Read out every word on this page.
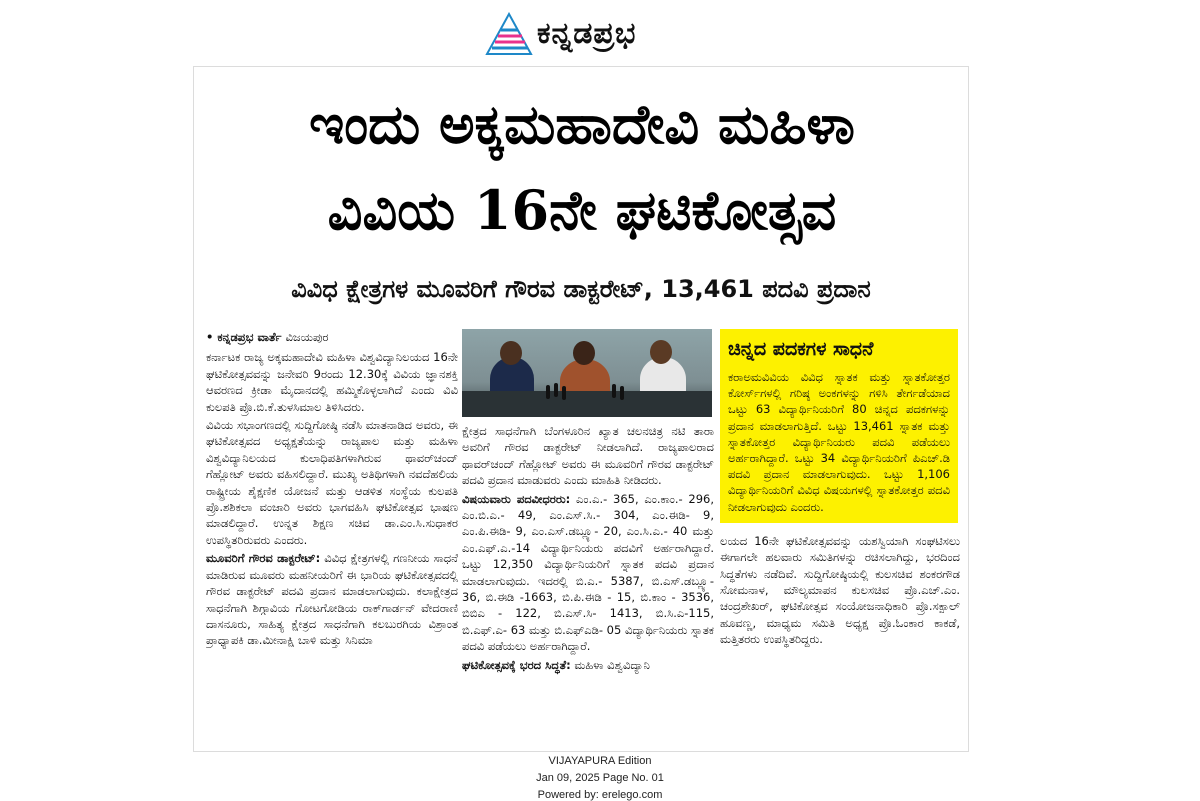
ಇಂದು ಅಕ್ಕಮಹಾದೇವಿ ಮಹಿಳಾ
ವಿವಿಯ 16ನೇ ಘಟಿಕೋತ್ಸವ
ವಿವಿಧ ಕ್ಷೇತ್ರಗಳ ಮೂವರಿಗೆ ಗೌರವ ಡಾಕ್ಟರೇಟ್, 13,461 ಪದವಿ ಪ್ರದಾನ
• ಕನ್ನಡಪ್ರಭ ವಾರ್ತೆ ವಿಜಯಪುರ

ಕರ್ನಾಟಕ ರಾಜ್ಯ ಅಕ್ಕಮಹಾದೇವಿ ಮಹಿಳಾ ವಿಶ್ವವಿದ್ಯಾನಿಲಯದ 16ನೇ ಘಟಿಕೋತ್ಸವವನ್ನು ಜನೇವರಿ 9ರಂದು 12.30ಕ್ಕೆ ವಿವಿಯ ಜ್ಞಾನಶಕ್ತಿ ಆವರಣದ ಕ್ರೀಡಾ ಮೈದಾನದಲ್ಲಿ ಹಮ್ಮಿಕೊಳ್ಳಲಾಗಿದೆ ಎಂದು ವಿವಿ ಕುಲಪತಿ ಪ್ರೊ.ಬಿ.ಕೆ.ತುಳಸಿಮಾಲ ತಿಳಿಸಿದರು.

ವಿವಿಯ ಸಭಾಂಗಣದಲ್ಲಿ ಸುದ್ದಿಗೋಷ್ಠಿ ನಡೆಸಿ ಮಾತನಾಡಿದ ಅವರು, ಈ ಘಟಿಕೋತ್ಸವದ ಅಧ್ಯಕ್ಷತೆಯನ್ನು ರಾಜ್ಯಪಾಲ ಮತ್ತು ಮಹಿಳಾ ವಿಶ್ವವಿದ್ಯಾನಿಲಯದ ಕುಲಾಧಿಪತಿಗಳಾಗಿರುವ ಥಾವರ್‌ಚಂದ್ ಗೆಹ್ಲೋಟ್ ಅವರು ವಹಿಸಲಿದ್ದಾರೆ. ಮುಖ್ಯ ಅತಿಥಿಗಳಾಗಿ ನವದೆಹಲಿಯ ರಾಷ್ಟ್ರೀಯ ಶೈಕ್ಷಣಿಕ ಯೋಜನೆ ಮತ್ತು ಆಡಳಿತ ಸಂಸ್ಥೆಯ ಕುಲಪತಿ ಪ್ರೊ.ಶಶಿಕಲಾ ವಂಜಾರಿ ಅವರು ಭಾಗವಹಿಸಿ ಘಟಿಕೋತ್ಸವ ಭಾಷಣ ಮಾಡಲಿದ್ದಾರೆ. ಉನ್ನತ ಶಿಕ್ಷಣ ಸಚಿವ ಡಾ.ಎಂ.ಸಿ.ಸುಧಾಕರ ಉಪಸ್ಥಿತರಿರುವರು ಎಂದರು.

ಮೂವರಿಗೆ ಗೌರವ ಡಾಕ್ಟರೇಟ್: ವಿವಿಧ ಕ್ಷೇತ್ರಗಳಲ್ಲಿ ಗಣನೀಯ ಸಾಧನೆ ಮಾಡಿರುವ ಮೂವರು ಮಹನೀಯರಿಗೆ ಈ ಭಾರಿಯ ಘಟಿಕೋತ್ಸವದಲ್ಲಿ ಗೌರವ ಡಾಕ್ಟರೇಟ್ ಪದವಿ ಪ್ರದಾನ ಮಾಡಲಾಗುವುದು. ಕಲಾಕ್ಷೇತ್ರದ ಸಾಧನೆಗಾಗಿ ಶಿಗ್ಗಾವಿಯ ಗೋಟಗೋಡಿಯ ರಾಕ್‌ಗಾರ್ಡನ್ ವೇದರಾಣಿ ದಾಸನೂರು, ಸಾಹಿತ್ಯ ಕ್ಷೇತ್ರದ ಸಾಧನೆಗಾಗಿ ಕಲಬುರಗಿಯ ವಿಶ್ರಾಂತ ಪ್ರಾಧ್ಯಾಪಕಿ ಡಾ.ಮೀನಾಕ್ಷಿ ಬಾಳಿ ಮತ್ತು ಸಿನಿಮಾ

ಕ್ಷೇತ್ರದ ಸಾಧನೆಗಾಗಿ ಬೆಂಗಳೂರಿನ ಖ್ಯಾತ ಚಲನಚಿತ್ರ ನಟಿ ತಾರಾ ಅವರಿಗೆ ಗೌರವ ಡಾಕ್ಟರೇಟ್ ನೀಡಲಾಗಿದೆ. ರಾಜ್ಯಪಾಲರಾದ ಥಾವರ್‌ಚಂದ್ ಗೆಹ್ಲೋಟ್ ಅವರು ಈ ಮೂವರಿಗೆ ಗೌರವ ಡಾಕ್ಟರೇಟ್ ಪದವಿ ಪ್ರದಾನ ಮಾಡುವರು ಎಂದು ಮಾಹಿತಿ ನೀಡಿದರು.

ವಿಷಯವಾರು ಪದವೀಧರರು: ಎಂ.ಎ.- 365, ಎಂ.ಕಾಂ.- 296, ಎಂ.ಬಿ.ಎ.- 49, ಎಂ.ಎಸ್.ಸಿ.- 304, ಎಂ.ಈಡಿ- 9, ಎಂ.ಪಿ.ಈಡಿ- 9, ಎಂ.ಎಸ್.ಡಬ್ಲ್ಯೂ- 20, ಎಂ.ಸಿ.ಎ.- 40 ಮತ್ತು ಎಂ.ಎಫ್.ಎ.-14 ವಿದ್ಯಾರ್ಥಿನಿಯರು ಪದವಿಗೆ ಅರ್ಹರಾಗಿದ್ದಾರೆ. ಒಟ್ಟು 12,350 ವಿದ್ಯಾರ್ಥಿನಿಯರಿಗೆ ಸ್ನಾತಕ ಪದವಿ ಪ್ರದಾನ ಮಾಡಲಾಗುವುದು. ಇದರಲ್ಲಿ ಬಿ.ಎ.- 5387, ಬಿ.ಎಸ್.ಡಬ್ಲ್ಯೂ- 36, ಬಿ.ಈಡಿ -1663, ಬಿ.ಪಿ.ಈಡಿ - 15, ಬಿ.ಕಾಂ - 3536, ಬಿಬಿಎ - 122, ಬಿ.ಎಸ್.ಸಿ- 1413, ಬಿ.ಸಿ.ಎ-115, ಬಿ.ಎಫ್.ಎ- 63 ಮತ್ತು ಬಿ.ಎಫ್‌ಎಡಿ- 05 ವಿದ್ಯಾರ್ಥಿನಿಯರು ಸ್ನಾತಕ ಪದವಿ ಪಡೆಯಲು ಅರ್ಹರಾಗಿದ್ದಾರೆ.

ಘಟಿಕೋತ್ಸವಕ್ಕೆ ಭರದ ಸಿದ್ಧತೆ: ಮಹಿಳಾ ವಿಶ್ವವಿದ್ಯಾನಿ

ಚಿನ್ನದ ಪದಕಗಳ ಸಾಧನೆ

ಕರಾಅಮವಿವಿಯ ವಿವಿಧ ಸ್ನಾತಕ ಮತ್ತು ಸ್ನಾತಕೋತ್ತರ ಕೋರ್ಸ್‌ಗಳಲ್ಲಿ ಗರಿಷ್ಠ ಅಂಕಗಳನ್ನು ಗಳಿಸಿ ತೇರ್ಗಡೆಯಾದ ಒಟ್ಟು 63 ವಿದ್ಯಾರ್ಥಿನಿಯರಿಗೆ 80 ಚಿನ್ನದ ಪದಕಗಳನ್ನು ಪ್ರದಾನ ಮಾಡಲಾಗುತ್ತಿದೆ. ಒಟ್ಟು 13,461 ಸ್ನಾತಕ ಮತ್ತು ಸ್ನಾತಕೋತ್ತರ ವಿದ್ಯಾರ್ಥಿನಿಯರು ಪದವಿ ಪಡೆಯಲು ಅರ್ಹರಾಗಿದ್ದಾರೆ. ಒಟ್ಟು 34 ವಿದ್ಯಾರ್ಥಿನಿಯರಿಗೆ ಪಿಎಚ್.ಡಿ ಪದವಿ ಪ್ರದಾನ ಮಾಡಲಾಗುವುದು. ಒಟ್ಟು 1,106 ವಿದ್ಯಾರ್ಥಿನಿಯರಿಗೆ ವಿವಿಧ ವಿಷಯಗಳಲ್ಲಿ ಸ್ನಾತಕೋತ್ತರ ಪದವಿ ನೀಡಲಾಗುವುದು ಎಂದರು.

ಲಯದ 16ನೇ ಘಟಿಕೋತ್ಸವವನ್ನು ಯಶಸ್ವಿಯಾಗಿ ಸಂಘಟಿಸಲು ಈಗಾಗಲೇ ಹಲವಾರು ಸಮಿತಿಗಳನ್ನು ರಚಿಸಲಾಗಿದ್ದು, ಭರದಿಂದ ಸಿದ್ಧತೆಗಳು ನಡೆದಿವೆ. ಸುದ್ದಿಗೋಷ್ಠಿಯಲ್ಲಿ ಕುಲಸಚಿವ ಶಂಕರಗೌಡ ಸೋಮನಾಳ, ಮೌಲ್ಯಮಾಪನ ಕುಲಸಚಿವ ಪ್ರೊ.ಎಚ್.ಎಂ. ಚಂದ್ರಶೇಖರ್, ಘಟಿಕೋತ್ಸವ ಸಂಯೋಜನಾಧಿಕಾರಿ ಪ್ರೊ.ಸಕ್ಪಾಲ್ ಹೂವಣ್ಣ, ಮಾಧ್ಯಮ ಸಮಿತಿ ಅಧ್ಯಕ್ಷ ಪ್ರೊ.ಓಂಕಾರ ಕಾಕಡೆ, ಮತ್ತಿತರರು ಉಪಸ್ಥಿತರಿದ್ದರು.

ಕನ್ನಡಪ್ರಭ
VIJAYAPURA Edition
Jan 09, 2025 Page No. 01
Powered by: erelego.com
